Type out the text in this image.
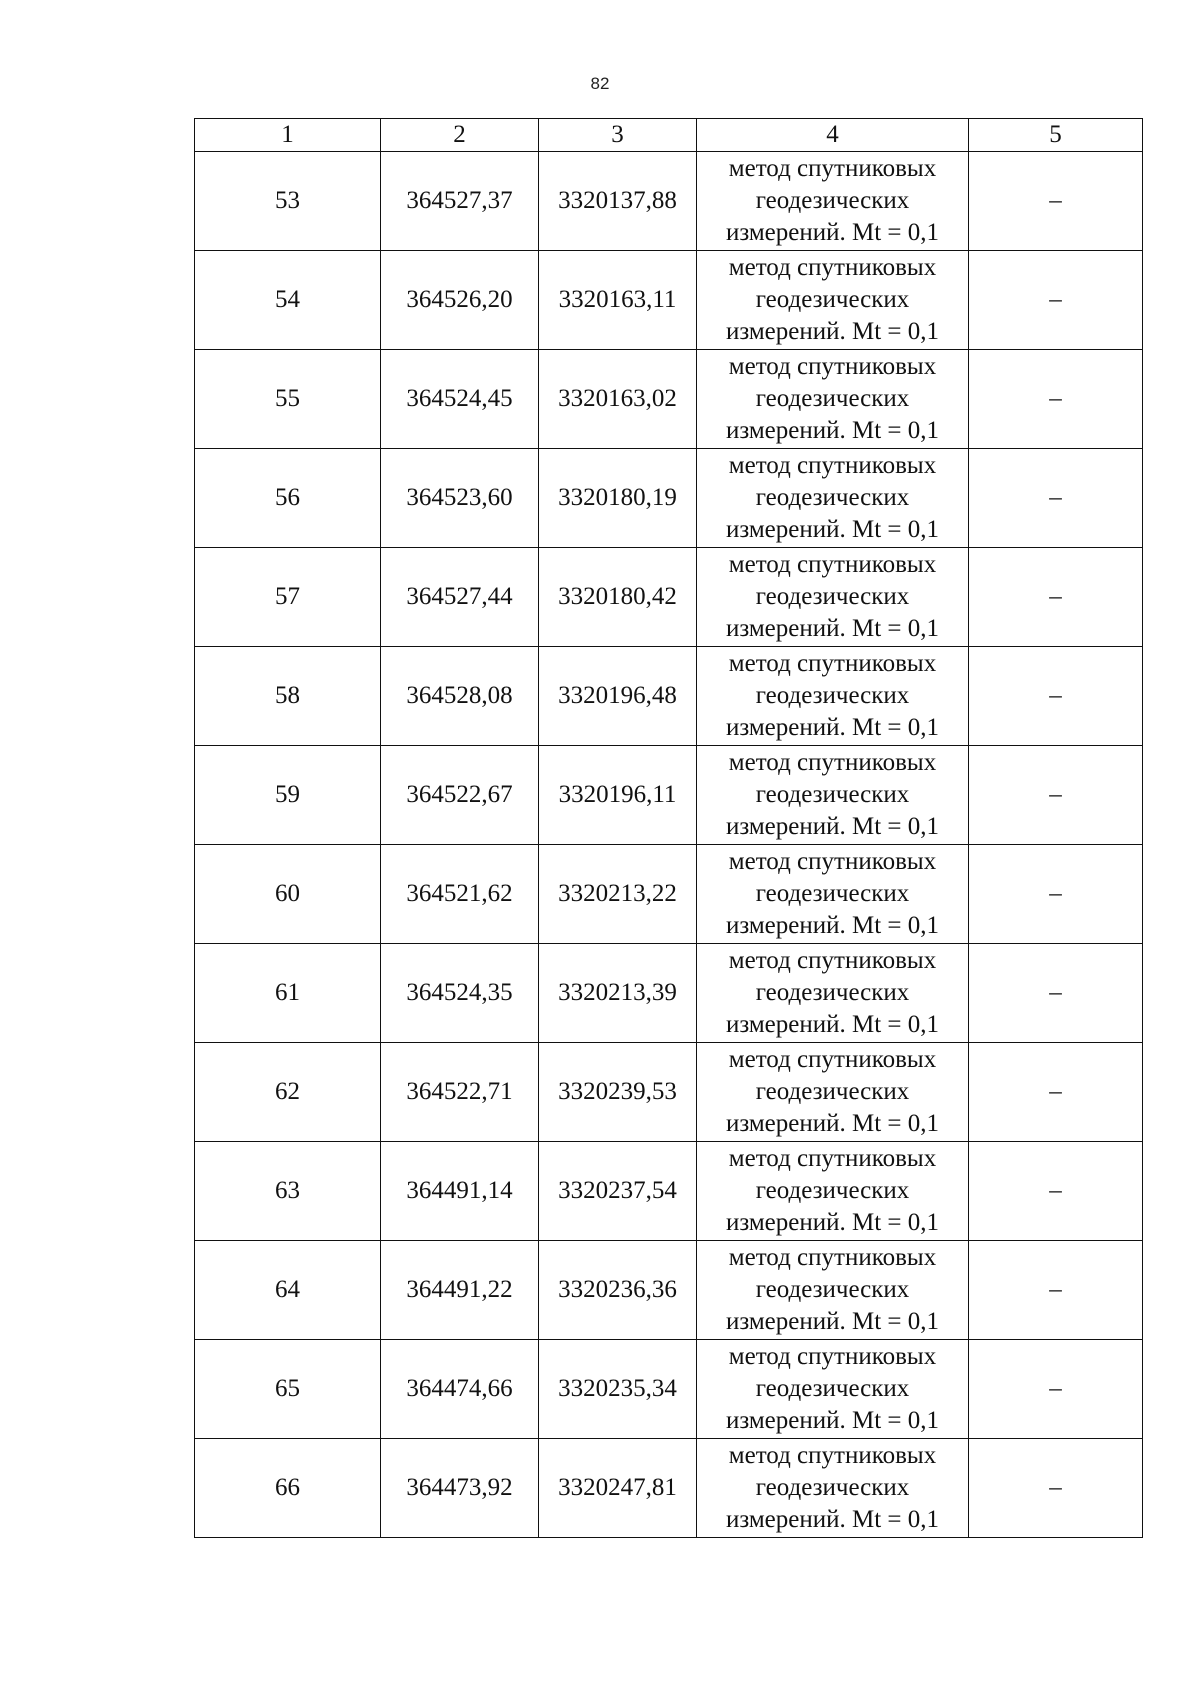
82
1	2	3	4	5
53	364527,37	3320137,88	метод спутниковых
геодезических
измерений. Mt = 0,1	–
54	364526,20	3320163,11	метод спутниковых
геодезических
измерений. Mt = 0,1	–
55	364524,45	3320163,02	метод спутниковых
геодезических
измерений. Mt = 0,1	–
56	364523,60	3320180,19	метод спутниковых
геодезических
измерений. Mt = 0,1	–
57	364527,44	3320180,42	метод спутниковых
геодезических
измерений. Mt = 0,1	–
58	364528,08	3320196,48	метод спутниковых
геодезических
измерений. Mt = 0,1	–
59	364522,67	3320196,11	метод спутниковых
геодезических
измерений. Mt = 0,1	–
60	364521,62	3320213,22	метод спутниковых
геодезических
измерений. Mt = 0,1	–
61	364524,35	3320213,39	метод спутниковых
геодезических
измерений. Mt = 0,1	–
62	364522,71	3320239,53	метод спутниковых
геодезических
измерений. Mt = 0,1	–
63	364491,14	3320237,54	метод спутниковых
геодезических
измерений. Mt = 0,1	–
64	364491,22	3320236,36	метод спутниковых
геодезических
измерений. Mt = 0,1	–
65	364474,66	3320235,34	метод спутниковых
геодезических
измерений. Mt = 0,1	–
66	364473,92	3320247,81	метод спутниковых
геодезических
измерений. Mt = 0,1	–
